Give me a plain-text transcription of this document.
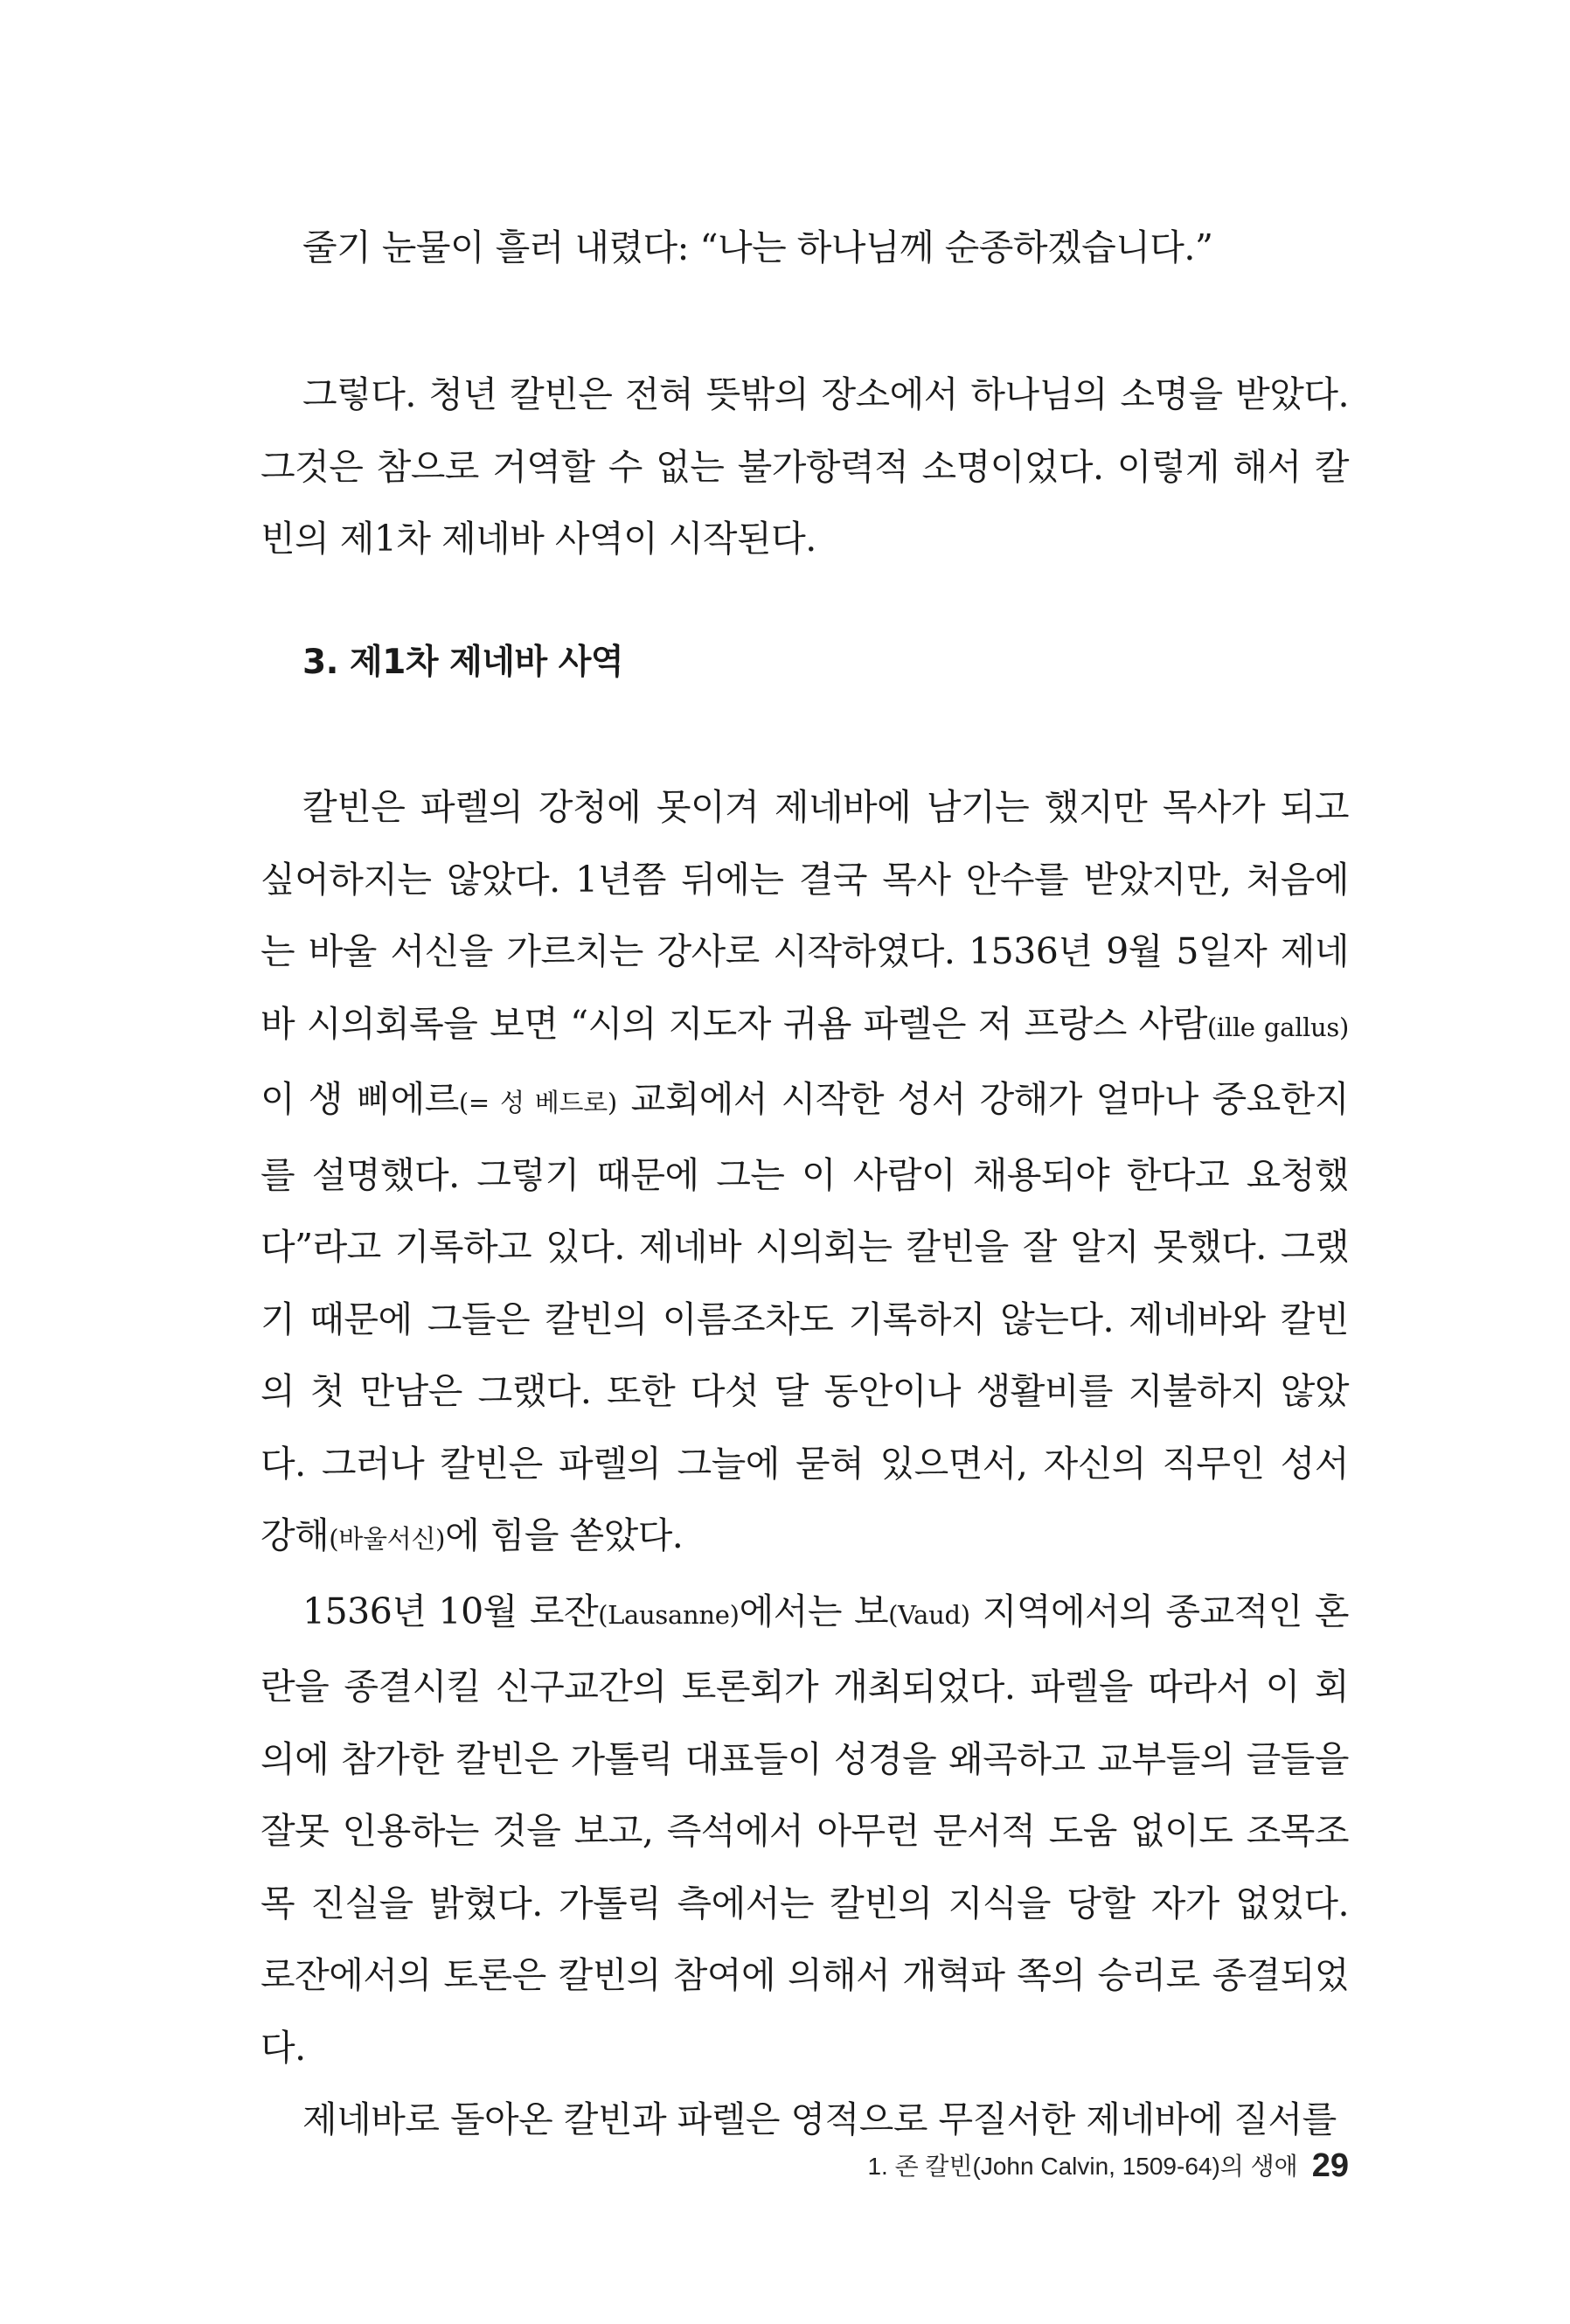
줄기 눈물이 흘러 내렸다: “나는 하나님께 순종하겠습니다.”

그렇다. 청년 칼빈은 전혀 뜻밖의 장소에서 하나님의 소명을 받았다. 그것은 참으로 거역할 수 없는 불가항력적 소명이었다. 이렇게 해서 칼빈의 제1차 제네바 사역이 시작된다.

3. 제1차 제네바 사역

칼빈은 파렐의 강청에 못이겨 제네바에 남기는 했지만 목사가 되고 싶어하지는 않았다. 1년쯤 뒤에는 결국 목사 안수를 받았지만, 처음에는 바울 서신을 가르치는 강사로 시작하였다. 1536년 9월 5일자 제네바 시의회록을 보면 “시의 지도자 귀욤 파렐은 저 프랑스 사람(ille gallus)이 생 삐에르(= 성 베드로) 교회에서 시작한 성서 강해가 얼마나 중요한지를 설명했다. 그렇기 때문에 그는 이 사람이 채용되야 한다고 요청했다”라고 기록하고 있다. 제네바 시의회는 칼빈을 잘 알지 못했다. 그랬기 때문에 그들은 칼빈의 이름조차도 기록하지 않는다. 제네바와 칼빈의 첫 만남은 그랬다. 또한 다섯 달 동안이나 생활비를 지불하지 않았다. 그러나 칼빈은 파렐의 그늘에 묻혀 있으면서, 자신의 직무인 성서 강해(바울서신)에 힘을 쏟았다.

1536년 10월 로잔(Lausanne)에서는 보(Vaud) 지역에서의 종교적인 혼란을 종결시킬 신구교간의 토론회가 개최되었다. 파렐을 따라서 이 회의에 참가한 칼빈은 가톨릭 대표들이 성경을 왜곡하고 교부들의 글들을 잘못 인용하는 것을 보고, 즉석에서 아무런 문서적 도움 없이도 조목조목 진실을 밝혔다. 가톨릭 측에서는 칼빈의 지식을 당할 자가 없었다. 로잔에서의 토론은 칼빈의 참여에 의해서 개혁파 쪽의 승리로 종결되었다.

제네바로 돌아온 칼빈과 파렐은 영적으로 무질서한 제네바에 질서를

1. 존 칼빈(John Calvin, 1509-64)의 생애 29
